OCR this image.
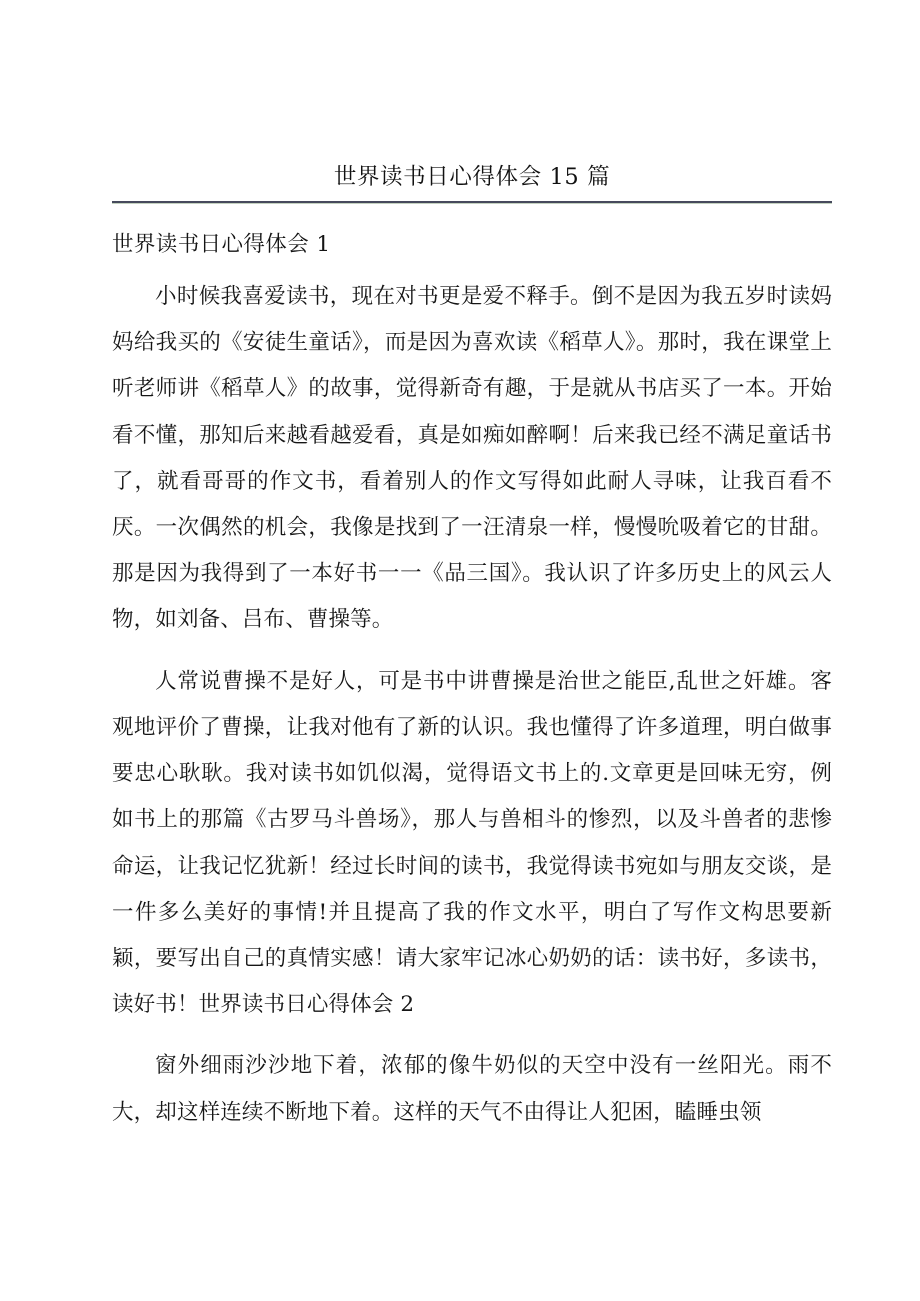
世界读书日心得体会 15 篇
世界读书日心得体会 1

小时候我喜爱读书，现在对书更是爱不释手。倒不是因为我五岁时读妈妈给我买的《安徒生童话》，而是因为喜欢读《稻草人》。那时，我在课堂上听老师讲《稻草人》的故事，觉得新奇有趣，于是就从书店买了一本。开始看不懂，那知后来越看越爱看，真是如痴如醉啊！后来我已经不满足童话书了，就看哥哥的作文书，看着别人的作文写得如此耐人寻味，让我百看不厌。一次偶然的机会，我像是找到了一汪清泉一样，慢慢吮吸着它的甘甜。那是因为我得到了一本好书一一《品三国》。我认识了许多历史上的风云人物，如刘备、吕布、曹操等。

人常说曹操不是好人，可是书中讲曹操是治世之能臣,乱世之奸雄。客观地评价了曹操，让我对他有了新的认识。我也懂得了许多道理，明白做事要忠心耿耿。我对读书如饥似渴，觉得语文书上的.文章更是回味无穷，例如书上的那篇《古罗马斗兽场》，那人与兽相斗的惨烈，以及斗兽者的悲惨命运，让我记忆犹新！经过长时间的读书，我觉得读书宛如与朋友交谈，是一件多么美好的事情!并且提高了我的作文水平，明白了写作文构思要新颖，要写出自己的真情实感！请大家牢记冰心奶奶的话：读书好，多读书，读好书！世界读书日心得体会 2

窗外细雨沙沙地下着，浓郁的像牛奶似的天空中没有一丝阳光。雨不大，却这样连续不断地下着。这样的天气不由得让人犯困，瞌睡虫领
